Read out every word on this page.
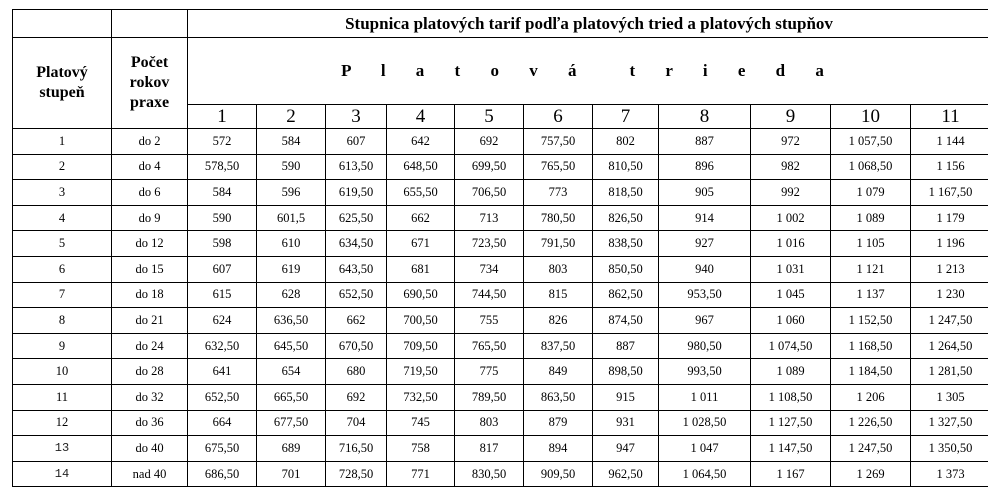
		Stupnica platových tarif podľa platových tried a platových stupňov										
Platový
stupeň	Počet
rokov
praxe	P l a t o v á t r i e d a										
		1	2	3	4	5	6	7	8	9	10	11
1	do 2	572	584	607	642	692	757,50	802	887	972	1 057,50	1 144
2	do 4	578,50	590	613,50	648,50	699,50	765,50	810,50	896	982	1 068,50	1 156
3	do 6	584	596	619,50	655,50	706,50	773	818,50	905	992	1 079	1 167,50
4	do 9	590	601,5	625,50	662	713	780,50	826,50	914	1 002	1 089	1 179
5	do 12	598	610	634,50	671	723,50	791,50	838,50	927	1 016	1 105	1 196
6	do 15	607	619	643,50	681	734	803	850,50	940	1 031	1 121	1 213
7	do 18	615	628	652,50	690,50	744,50	815	862,50	953,50	1 045	1 137	1 230
8	do 21	624	636,50	662	700,50	755	826	874,50	967	1 060	1 152,50	1 247,50
9	do 24	632,50	645,50	670,50	709,50	765,50	837,50	887	980,50	1 074,50	1 168,50	1 264,50
10	do 28	641	654	680	719,50	775	849	898,50	993,50	1 089	1 184,50	1 281,50
11	do 32	652,50	665,50	692	732,50	789,50	863,50	915	1 011	1 108,50	1 206	1 305
12	do 36	664	677,50	704	745	803	879	931	1 028,50	1 127,50	1 226,50	1 327,50
13	do 40	675,50	689	716,50	758	817	894	947	1 047	1 147,50	1 247,50	1 350,50
14	nad 40	686,50	701	728,50	771	830,50	909,50	962,50	1 064,50	1 167	1 269	1 373
